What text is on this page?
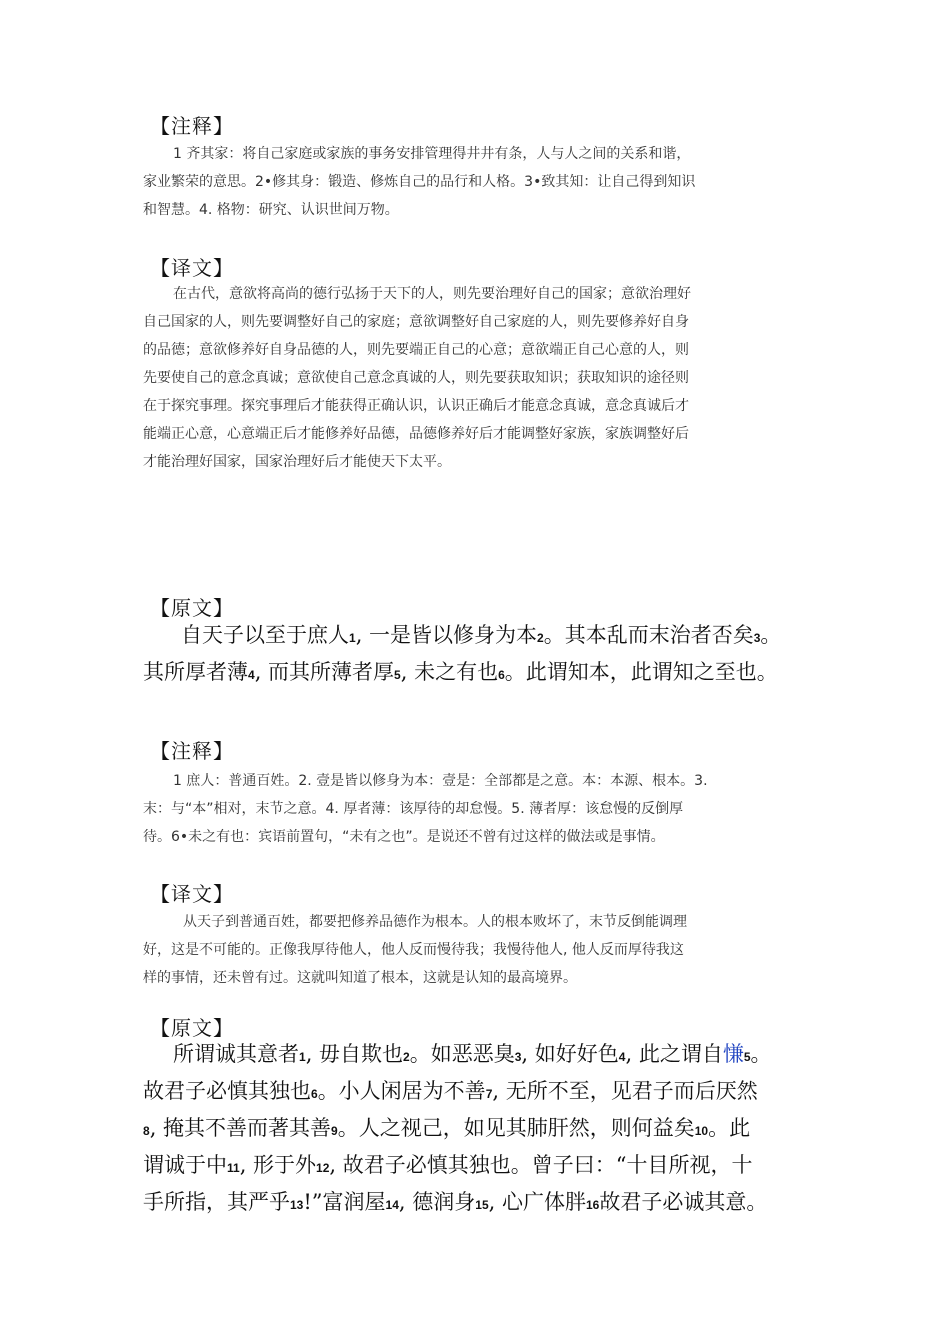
【注释】
1 齐其家：将自己家庭或家族的事务安排管理得井井有条，人与人之间的关系和谐，
家业繁荣的意思。2•修其身：锻造、修炼自己的品行和人格。3•致其知：让自己得到知识
和智慧。4. 格物：研究、认识世间万物。
【译文】
在古代，意欲将高尚的德行弘扬于天下的人，则先要治理好自己的国家；意欲治理好
自己国家的人，则先要调整好自己的家庭；意欲调整好自己家庭的人，则先要修养好自身
的品德；意欲修养好自身品德的人，则先要端正自己的心意；意欲端正自己心意的人，则
先要使自己的意念真诚；意欲使自己意念真诚的人，则先要获取知识；获取知识的途径则
在于探究事理。探究事理后才能获得正确认识，认识正确后才能意念真诚，意念真诚后才
能端正心意，心意端正后才能修养好品德，品德修养好后才能调整好家族，家族调整好后
才能治理好国家，国家治理好后才能使天下太平。
【原文】
自天子以至于庶人1, 一是皆以修身为本2。其本乱而末治者否矣3。
其所厚者薄4, 而其所薄者厚5, 未之有也6。此谓知本，此谓知之至也。
【注释】
1 庶人：普通百姓。2. 壹是皆以修身为本：壹是：全部都是之意。本：本源、根本。3.
末：与“本”相对，末节之意。4. 厚者薄：该厚待的却怠慢。5. 薄者厚：该怠慢的反倒厚
待。6•未之有也：宾语前置句，“未有之也”。是说还不曾有过这样的做法或是事情。
【译文】
从天子到普通百姓，都要把修养品德作为根本。人的根本败坏了，末节反倒能调理
好，这是不可能的。正像我厚待他人，他人反而慢待我；我慢待他人, 他人反而厚待我这
样的事情，还未曾有过。这就叫知道了根本，这就是认知的最高境界。
【原文】
所谓诚其意者1, 毋自欺也2。如恶恶臭3, 如好好色4, 此之谓自慊5。
故君子必慎其独也6。小人闲居为不善7, 无所不至，见君子而后厌然
8, 掩其不善而著其善9。人之视己，如见其肺肝然，则何益矣10。此
谓诚于中11, 形于外12, 故君子必慎其独也。曾子曰：“十目所视，十
手所指，其严乎13!”富润屋14, 德润身15, 心广体胖16故君子必诚其意。
